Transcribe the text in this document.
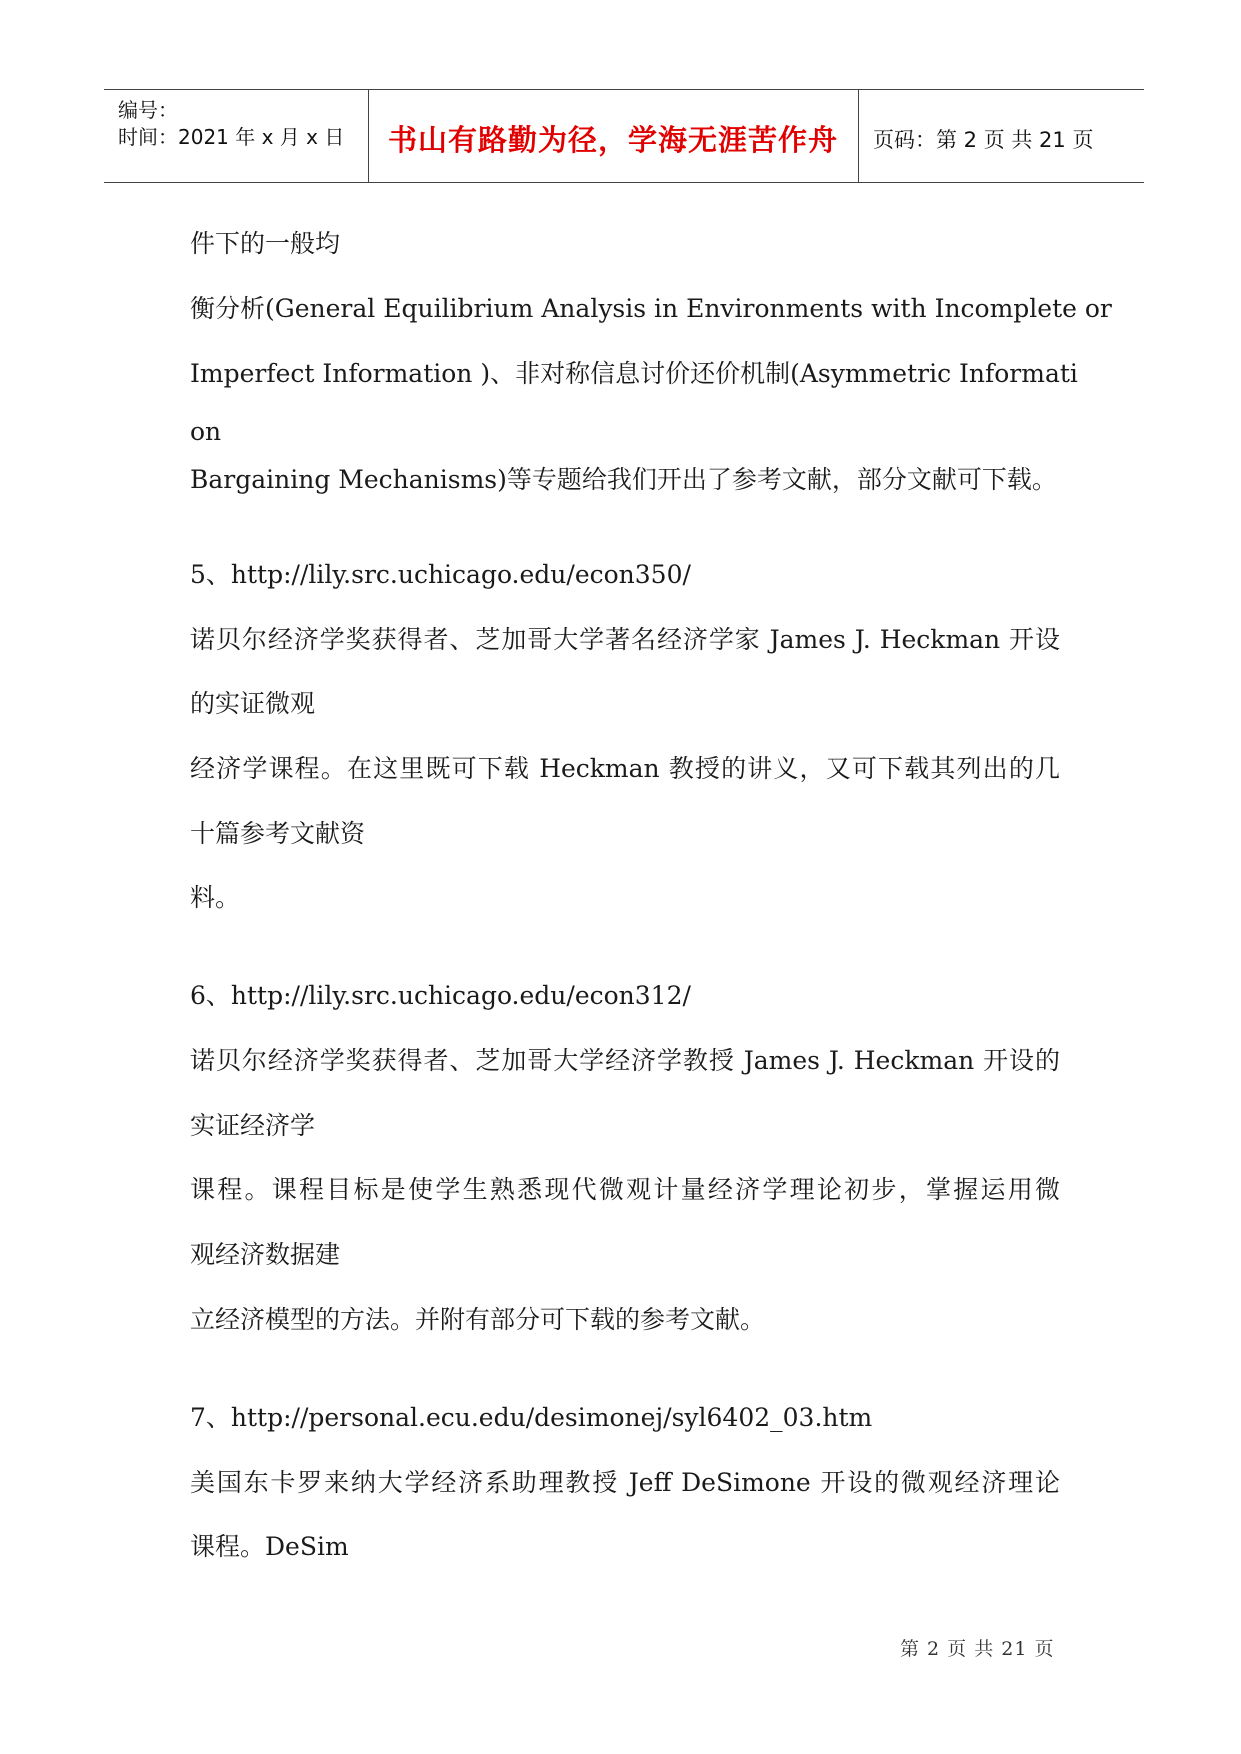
编号：
时间：2021 年 x 月 x 日	书山有路勤为径，学海无涯苦作舟	页码：第 2 页 共 21 页
件下的一般均
衡分析(General Equilibrium Analysis in Environments with Incomplete or
Imperfect Information )、非对称信息讨价还价机制(Asymmetric Informati
on
Bargaining Mechanisms)等专题给我们开出了参考文献，部分文献可下载。
5、http://lily.src.uchicago.edu/econ350/
诺贝尔经济学奖获得者、芝加哥大学著名经济学家 James J. Heckman 开设
的实证微观
经济学课程。在这里既可下载 Heckman 教授的讲义，又可下载其列出的几
十篇参考文献资
料。
6、http://lily.src.uchicago.edu/econ312/
诺贝尔经济学奖获得者、芝加哥大学经济学教授 James J. Heckman 开设的
实证经济学
课程。课程目标是使学生熟悉现代微观计量经济学理论初步，掌握运用微
观经济数据建
立经济模型的方法。并附有部分可下载的参考文献。
7、http://personal.ecu.edu/desimonej/syl6402_03.htm
美国东卡罗来纳大学经济系助理教授 Jeff DeSimone 开设的微观经济理论
课程。DeSim
第 2 页 共 21 页
